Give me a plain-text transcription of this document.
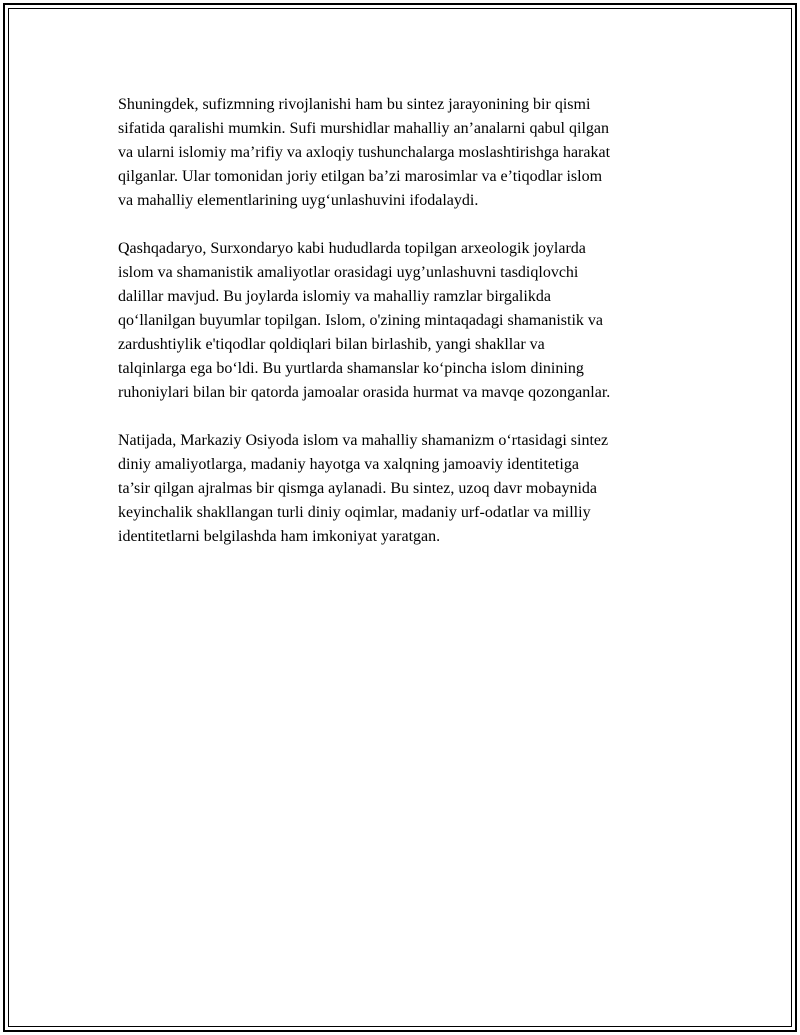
Shuningdek, sufizmning rivojlanishi ham bu sintez jarayonining bir qismi
sifatida qaralishi mumkin. Sufi murshidlar mahalliy an’analarni qabul qilgan
va ularni islomiy ma’rifiy va axloqiy tushunchalarga moslashtirishga harakat
qilganlar. Ular tomonidan joriy etilgan ba’zi marosimlar va e’tiqodlar islom
va mahalliy elementlarining uyg‘unlashuvini ifodalaydi.

Qashqadaryo, Surxondaryo kabi hududlarda topilgan arxeologik joylarda
islom va shamanistik amaliyotlar orasidagi uyg’unlashuvni tasdiqlovchi
dalillar mavjud. Bu joylarda islomiy va mahalliy ramzlar birgalikda
qo‘llanilgan buyumlar topilgan. Islom, o'zining mintaqadagi shamanistik va
zardushtiylik e'tiqodlar qoldiqlari bilan birlashib, yangi shakllar va
talqinlarga ega bo‘ldi. Bu yurtlarda shamanslar ko‘pincha islom dinining
ruhoniylari bilan bir qatorda jamoalar orasida hurmat va mavqe qozonganlar.

Natijada, Markaziy Osiyoda islom va mahalliy shamanizm o‘rtasidagi sintez
diniy amaliyotlarga, madaniy hayotga va xalqning jamoaviy identitetiga
ta’sir qilgan ajralmas bir qismga aylanadi. Bu sintez, uzoq davr mobaynida
keyinchalik shakllangan turli diniy oqimlar, madaniy urf-odatlar va milliy
identitetlarni belgilashda ham imkoniyat yaratgan.
